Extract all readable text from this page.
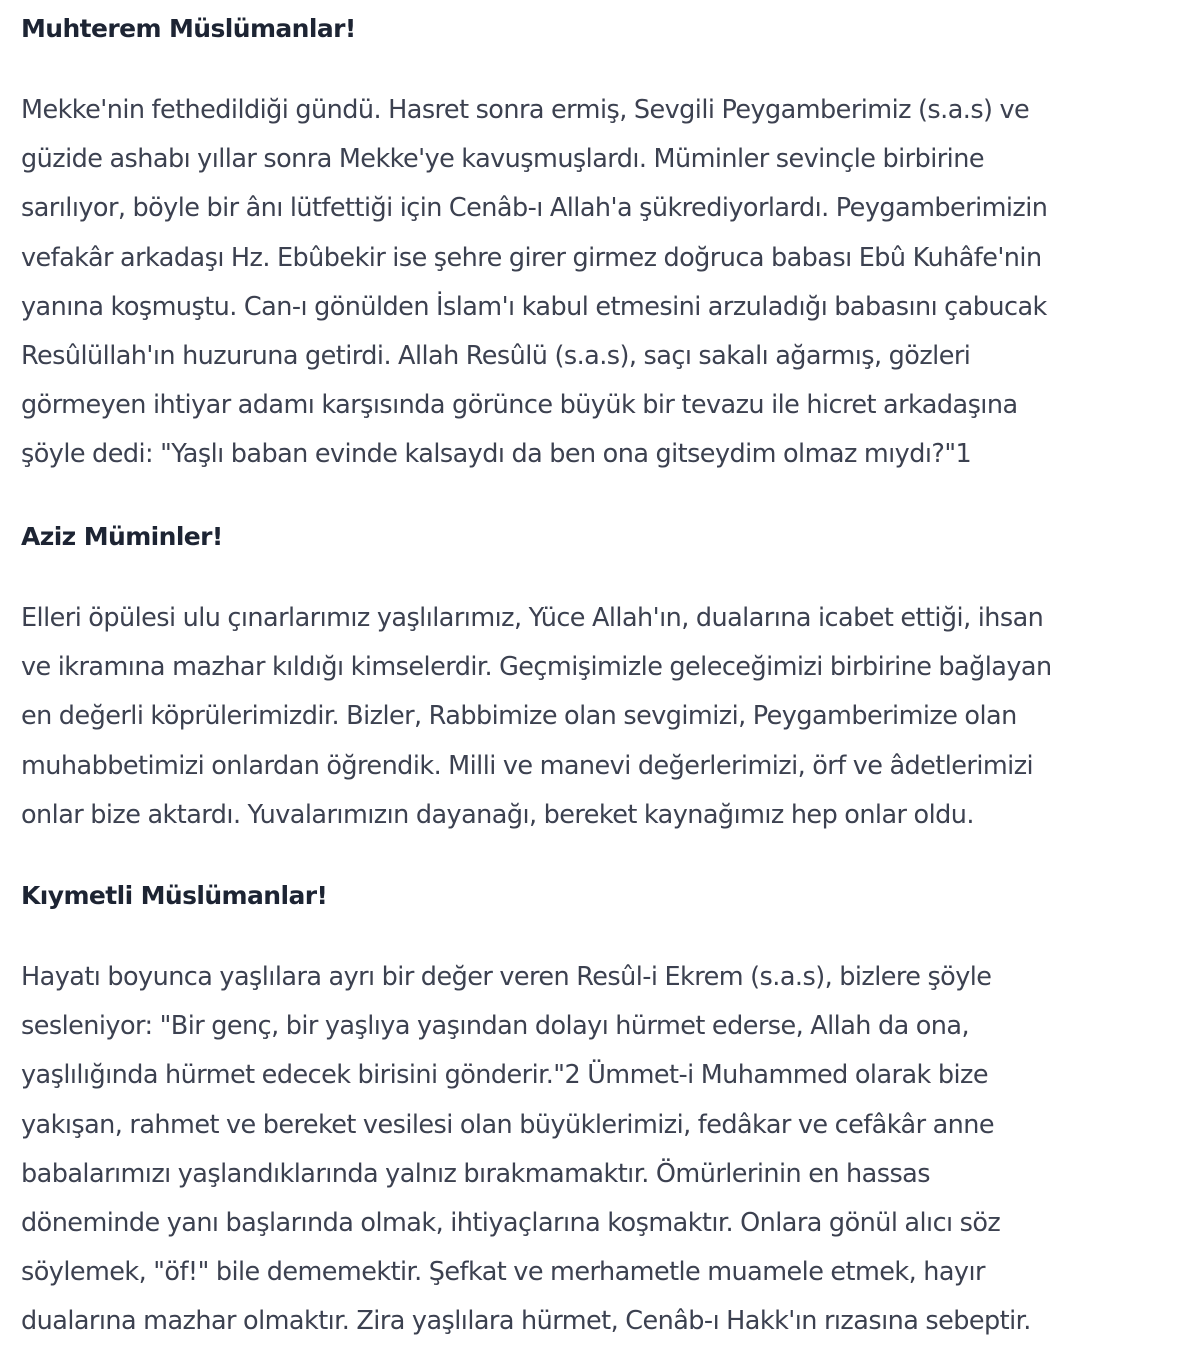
Muhterem Müslümanlar!

Mekke'nin fethedildiği gündü. Hasret sonra ermiş, Sevgili Peygamberimiz (s.a.s) ve
güzide ashabı yıllar sonra Mekke'ye kavuşmuşlardı. Müminler sevinçle birbirine
sarılıyor, böyle bir ânı lütfettiği için Cenâb-ı Allah'a şükrediyorlardı. Peygamberimizin
vefakâr arkadaşı Hz. Ebûbekir ise şehre girer girmez doğruca babası Ebû Kuhâfe'nin
yanına koşmuştu. Can-ı gönülden İslam'ı kabul etmesini arzuladığı babasını çabucak
Resûlüllah'ın huzuruna getirdi. Allah Resûlü (s.a.s), saçı sakalı ağarmış, gözleri
görmeyen ihtiyar adamı karşısında görünce büyük bir tevazu ile hicret arkadaşına
şöyle dedi: "Yaşlı baban evinde kalsaydı da ben ona gitseydim olmaz mıydı?"1

Aziz Müminler!

Elleri öpülesi ulu çınarlarımız yaşlılarımız, Yüce Allah'ın, dualarına icabet ettiği, ihsan
ve ikramına mazhar kıldığı kimselerdir. Geçmişimizle geleceğimizi birbirine bağlayan
en değerli köprülerimizdir. Bizler, Rabbimize olan sevgimizi, Peygamberimize olan
muhabbetimizi onlardan öğrendik. Milli ve manevi değerlerimizi, örf ve âdetlerimizi
onlar bize aktardı. Yuvalarımızın dayanağı, bereket kaynağımız hep onlar oldu.

Kıymetli Müslümanlar!

Hayatı boyunca yaşlılara ayrı bir değer veren Resûl-i Ekrem (s.a.s), bizlere şöyle
sesleniyor: "Bir genç, bir yaşlıya yaşından dolayı hürmet ederse, Allah da ona,
yaşlılığında hürmet edecek birisini gönderir."2 Ümmet-i Muhammed olarak bize
yakışan, rahmet ve bereket vesilesi olan büyüklerimizi, fedâkar ve cefâkâr anne
babalarımızı yaşlandıklarında yalnız bırakmamaktır. Ömürlerinin en hassas
döneminde yanı başlarında olmak, ihtiyaçlarına koşmaktır. Onlara gönül alıcı söz
söylemek, "öf!" bile dememektir. Şefkat ve merhametle muamele etmek, hayır
dualarına mazhar olmaktır. Zira yaşlılara hürmet, Cenâb-ı Hakk'ın rızasına sebeptir.
